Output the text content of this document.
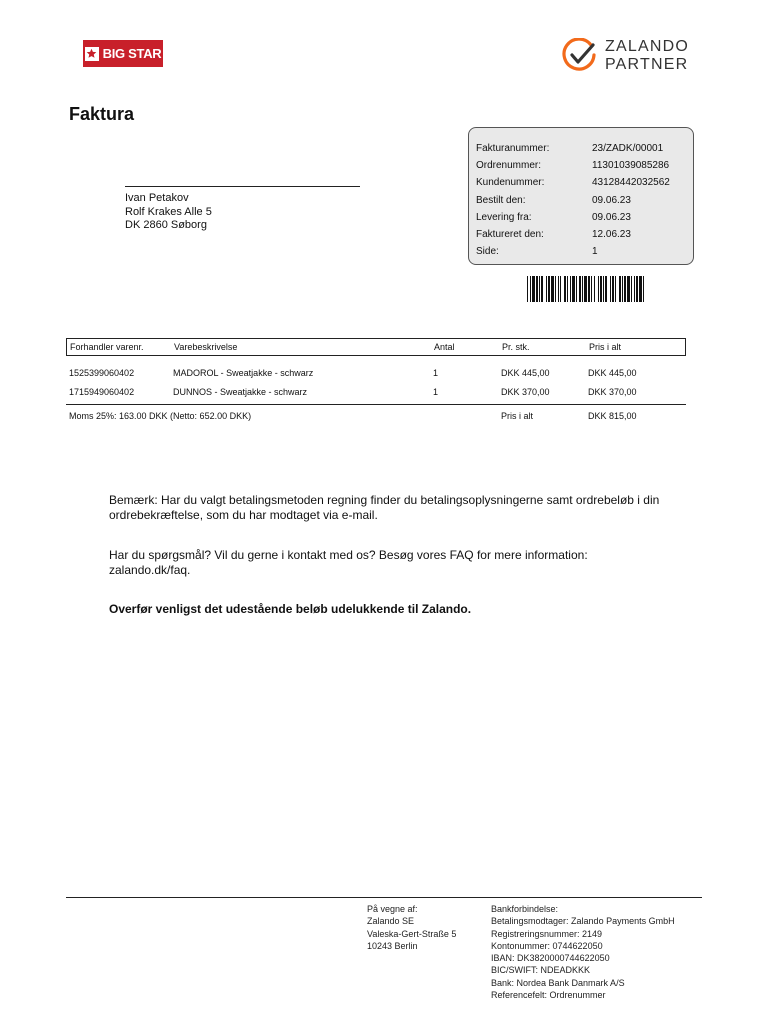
BIG STAR	ZALANDO
PARTNER
Faktura
Ivan Petakov
Rolf Krakes Alle 5
DK 2860 Søborg
Fakturanummer:	23/ZADK/00001
Ordrenummer:	11301039085286
Kundenummer:	43128442032562
Bestilt den:	09.06.23
Levering fra:	09.06.23
Faktureret den:	12.06.23
Side:	1
Forhandler varenr.	Varebeskrivelse	Antal	Pr. stk.	Pris i alt
1525399060402	MADOROL - Sweatjakke - schwarz	1	DKK 445,00	DKK 445,00
1715949060402	DUNNOS - Sweatjakke - schwarz	1	DKK 370,00	DKK 370,00
Moms 25%: 163.00 DKK (Netto: 652.00 DKK)	Pris i alt	DKK 815,00
Bemærk: Har du valgt betalingsmetoden regning finder du betalingsoplysningerne samt ordrebeløb i din ordrebekræftelse, som du har modtaget via e-mail.
Har du spørgsmål? Vil du gerne i kontakt med os? Besøg vores FAQ for mere information: zalando.dk/faq.
Overfør venligst det udestående beløb udelukkende til Zalando.
På vegne af:
Zalando SE
Valeska-Gert-Straße 5
10243 Berlin
Bankforbindelse:
Betalingsmodtager: Zalando Payments GmbH
Registreringsnummer: 2149
Kontonummer: 0744622050
IBAN: DK3820000744622050
BIC/SWIFT: NDEADKKK
Bank: Nordea Bank Danmark A/S
Referencefelt: Ordrenummer
